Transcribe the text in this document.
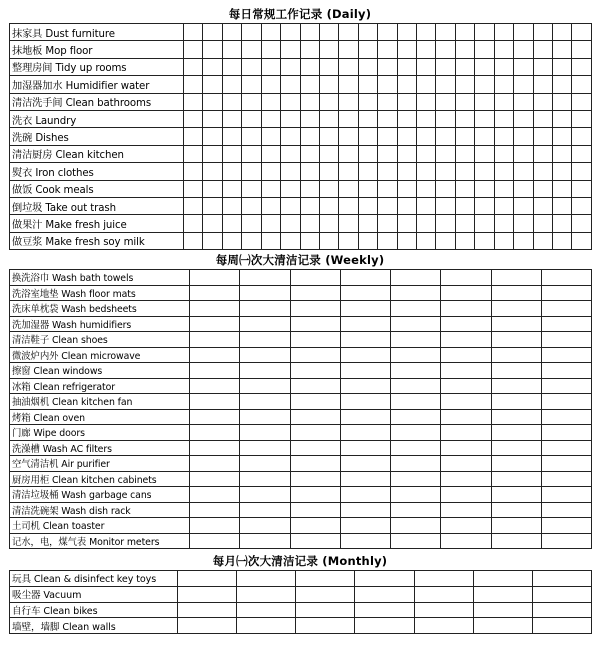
每日常规工作记录 (Daily)
抹家具 Dust furniture																					
抹地板 Mop floor																					
整理房间 Tidy up rooms																					
加湿器加水 Humidifier water																					
清洁洗手间 Clean bathrooms																					
洗衣 Laundry																					
洗碗 Dishes																					
清洁厨房 Clean kitchen																					
熨衣 Iron clothes																					
做饭 Cook meals																					
倒垃圾 Take out trash																					
做果汁 Make fresh juice																					
做豆浆 Make fresh soy milk																					
每周㈠次大清洁记录 (Weekly)
换洗浴巾 Wash bath towels								
洗浴室地垫 Wash floor mats								
洗床单枕袋 Wash bedsheets								
洗加湿器 Wash humidifiers								
清洁鞋子 Clean shoes								
微波炉内外 Clean microwave								
擦窗 Clean windows								
冰箱 Clean refrigerator								
抽油烟机 Clean kitchen fan								
烤箱 Clean oven								
门廊 Wipe doors								
洗澡槽 Wash AC filters								
空气清洁机 Air purifier								
厨房用柜 Clean kitchen cabinets								
清洁垃圾桶 Wash garbage cans								
清洁洗碗架 Wash dish rack								
土司机 Clean toaster								
记水，电，煤气表 Monitor meters								
每月㈠次大清洁记录 (Monthly)
玩具 Clean & disinfect key toys							
吸尘器 Vacuum							
自行车 Clean bikes							
墙壁，墙脚 Clean walls							
